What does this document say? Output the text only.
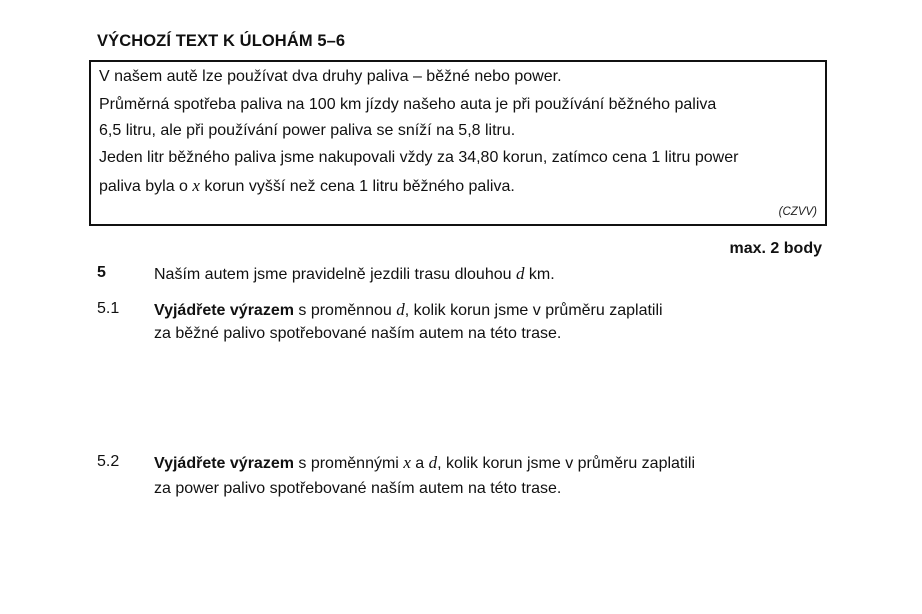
VÝCHOZÍ TEXT K ÚLOHÁM 5–6
V našem autě lze používat dva druhy paliva – běžné nebo power.
Průměrná spotřeba paliva na 100 km jízdy našeho auta je při používání běžného paliva
6,5 litru, ale při používání power paliva se sníží na 5,8 litru.
Jeden litr běžného paliva jsme nakupovali vždy za 34,80 korun, zatímco cena 1 litru power
paliva byla o x korun vyšší než cena 1 litru běžného paliva.
(CZVV)
max. 2 body
5	Naším autem jsme pravidelně jezdili trasu dlouhou d km.
5.1 Vyjádřete výrazem s proměnnou d, kolik korun jsme v průměru zaplatili
za běžné palivo spotřebované naším autem na této trase.
5.2 Vyjádřete výrazem s proměnnými x a d, kolik korun jsme v průměru zaplatili
za power palivo spotřebované naším autem na této trase.
